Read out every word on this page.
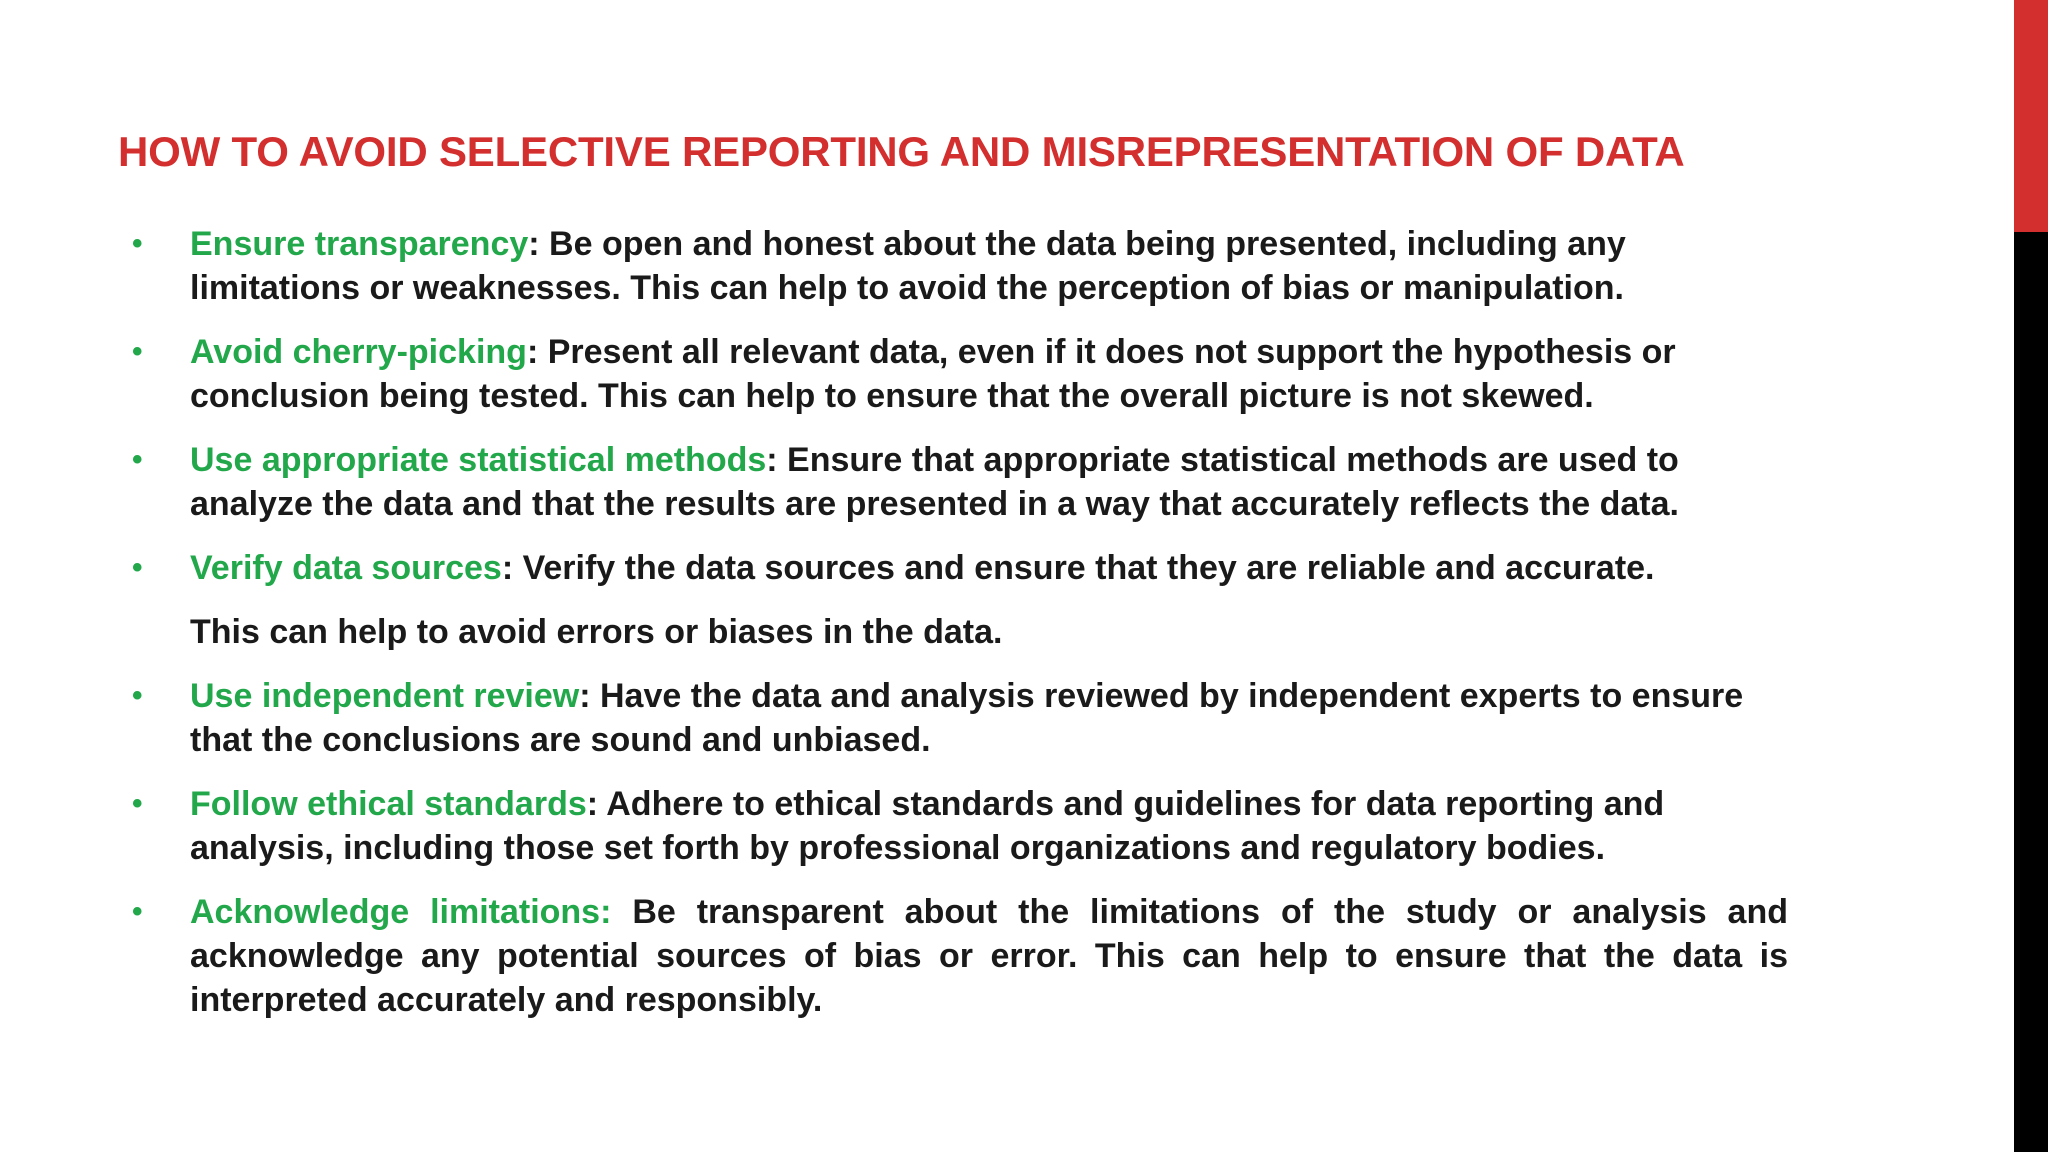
HOW TO AVOID SELECTIVE REPORTING AND MISREPRESENTATION OF DATA

• Ensure transparency: Be open and honest about the data being presented, including any limitations or weaknesses. This can help to avoid the perception of bias or manipulation.

• Avoid cherry-picking: Present all relevant data, even if it does not support the hypothesis or conclusion being tested. This can help to ensure that the overall picture is not skewed.

• Use appropriate statistical methods: Ensure that appropriate statistical methods are used to analyze the data and that the results are presented in a way that accurately reflects the data.

• Verify data sources: Verify the data sources and ensure that they are reliable and accurate.

This can help to avoid errors or biases in the data.

• Use independent review: Have the data and analysis reviewed by independent experts to ensure that the conclusions are sound and unbiased.

• Follow ethical standards: Adhere to ethical standards and guidelines for data reporting and analysis, including those set forth by professional organizations and regulatory bodies.

• Acknowledge limitations: Be transparent about the limitations of the study or analysis and acknowledge any potential sources of bias or error. This can help to ensure that the data is interpreted accurately and responsibly.
